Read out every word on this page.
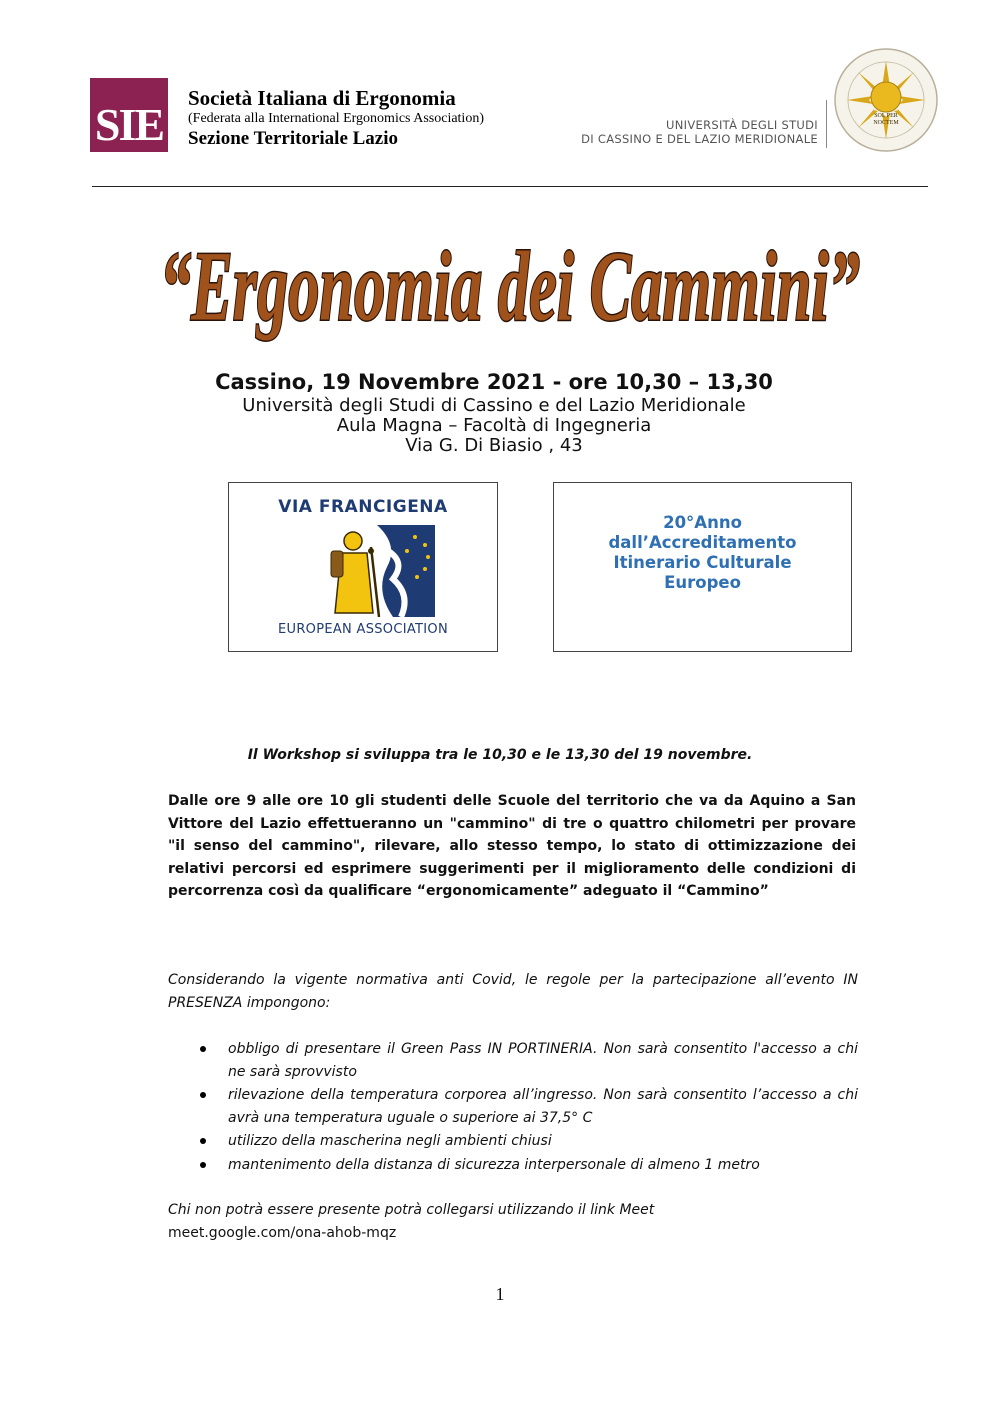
SIE
Società Italiana di Ergonomia
(Federata alla International Ergonomics Association)
Sezione Territoriale Lazio
UNIVERSITÀ DEGLI STUDI
DI CASSINO E DEL LAZIO MERIDIONALE
SOL PER
NOCTEM
“Ergonomia dei Cammini”
Cassino, 19 Novembre 2021 - ore 10,30 – 13,30
Università degli Studi di Cassino e del Lazio Meridionale
Aula Magna – Facoltà di Ingegneria
Via G. Di Biasio , 43
VIA FRANCIGENA
EUROPEAN ASSOCIATION
20°Anno
dall’Accreditamento
Itinerario Culturale
Europeo
Il Workshop si sviluppa tra le 10,30 e le 13,30 del 19 novembre.
Dalle ore 9 alle ore 10 gli studenti delle Scuole del territorio che va da Aquino a San Vittore del Lazio effettueranno un "cammino" di tre o quattro chilometri per provare "il senso del cammino", rilevare, allo stesso tempo, lo stato di ottimizzazione dei relativi percorsi ed esprimere suggerimenti per il miglioramento delle condizioni di percorrenza così da qualificare “ergonomicamente” adeguato il “Cammino”
Considerando la vigente normativa anti Covid, le regole per la partecipazione all’evento IN PRESENZA impongono:
obbligo di presentare il Green Pass IN PORTINERIA. Non sarà consentito l'accesso a chi ne sarà sprovvisto
rilevazione della temperatura corporea all’ingresso. Non sarà consentito l’accesso a chi avrà una temperatura uguale o superiore ai 37,5° C
utilizzo della mascherina negli ambienti chiusi
mantenimento della distanza di sicurezza interpersonale di almeno 1 metro
Chi non potrà essere presente potrà collegarsi utilizzando il link Meet
meet.google.com/ona-ahob-mqz
1
